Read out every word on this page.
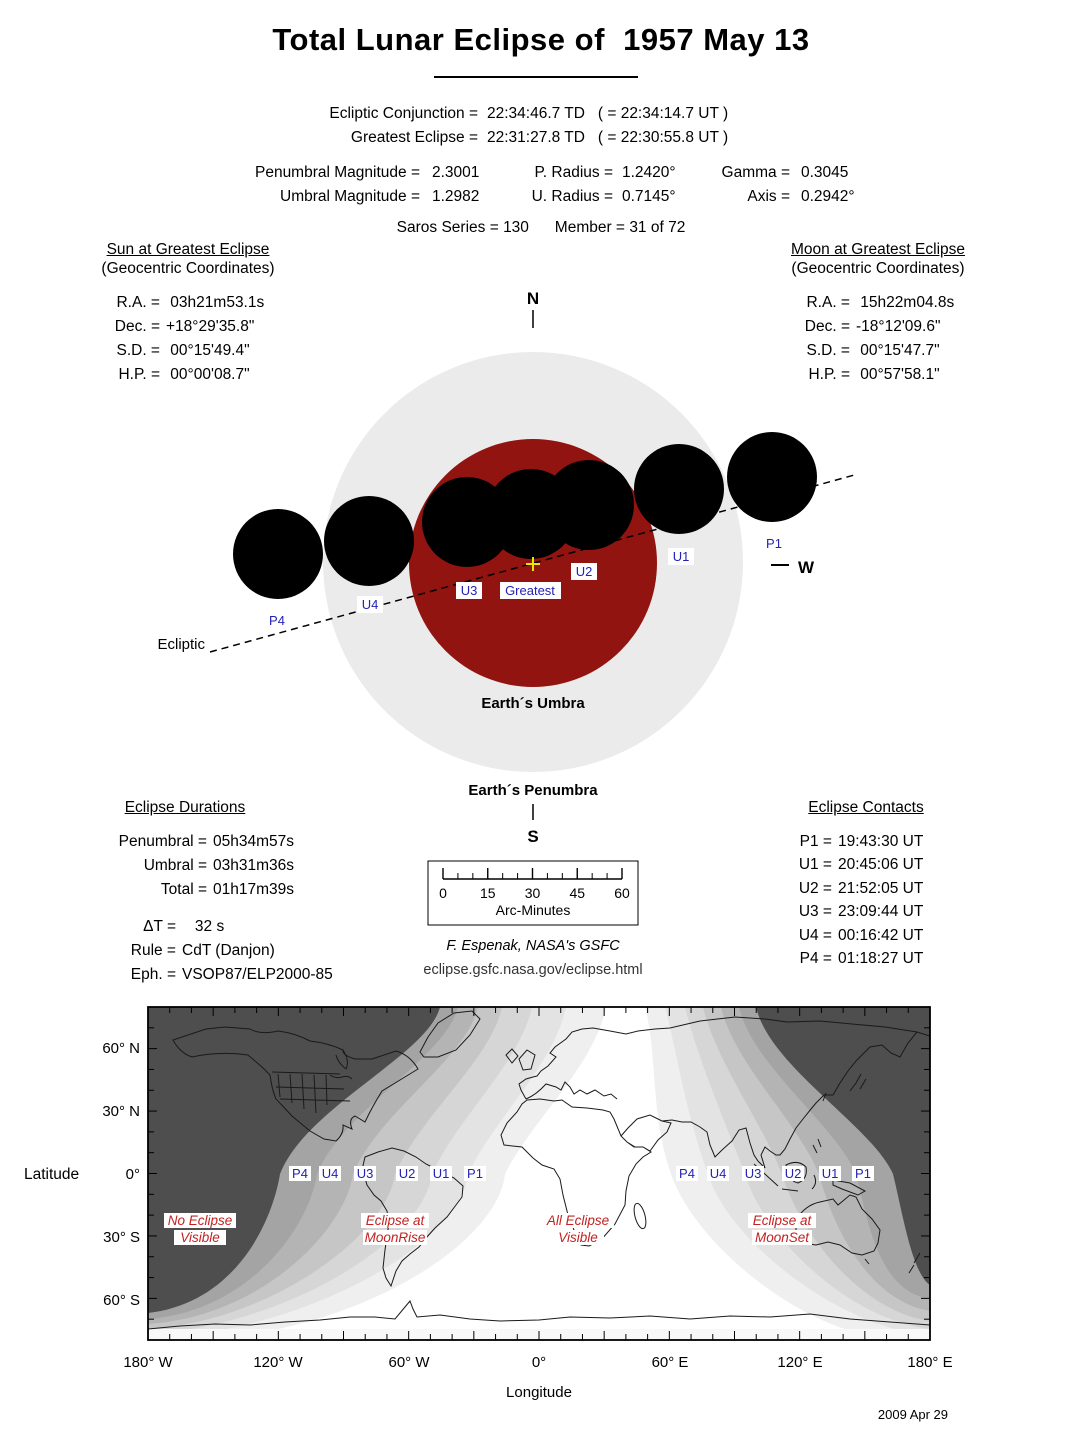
Total Lunar Eclipse of  1957 May 13
Ecliptic Conjunction = 22:34:46.7 TD   ( = 22:34:14.7 UT )
Greatest Eclipse = 22:31:27.8 TD   ( = 22:30:55.8 UT )
Penumbral Magnitude = 2.3001	P. Radius = 1.2420°	Gamma = 0.3045
Umbral Magnitude = 1.2982	U. Radius = 0.7145°	Axis = 0.2942°
Saros Series = 130 Member = 31 of 72
Sun at Greatest Eclipse
(Geocentric Coordinates)
R.A. = 03h21m53.1s
Dec. = +18°29'35.8"
S.D. = 00°15'49.4"
H.P. = 00°00'08.7"
Moon at Greatest Eclipse
(Geocentric Coordinates)
R.A. = 15h22m04.8s
Dec. = -18°12'09.6"
S.D. = 00°15'47.7"
H.P. = 00°57'58.1"
Ecliptic
N
S
E	W
Earth´s Umbra
Earth´s Penumbra
P1
U1
U2
Greatest
U3
U4
P4
0 15 30 45 60
Arc-Minutes
F. Espenak, NASA's GSFC
eclipse.gsfc.nasa.gov/eclipse.html
Eclipse Durations
Penumbral = 05h34m57s
Umbral = 03h31m36s
Total = 01h17m39s
ΔT = 32 s
Rule = CdT (Danjon)
Eph. = VSOP87/ELP2000-85
Eclipse Contacts
P1 = 19:43:30 UT
U1 = 20:45:06 UT
U2 = 21:52:05 UT
U3 = 23:09:44 UT
U4 = 00:16:42 UT
P4 = 01:18:27 UT
P4 U4 U3 U2 U1 P1	P4 U4 U3 U2 U1 P1
No Eclipse
Visible
Eclipse at
MoonRise
All Eclipse
Visible
Eclipse at
MoonSet
60° N
30° N
0°
30° S
60° S
Latitude
180° W	120° W	60° W	0°	60° E	120° E	180° E
Longitude
2009 Apr 29
